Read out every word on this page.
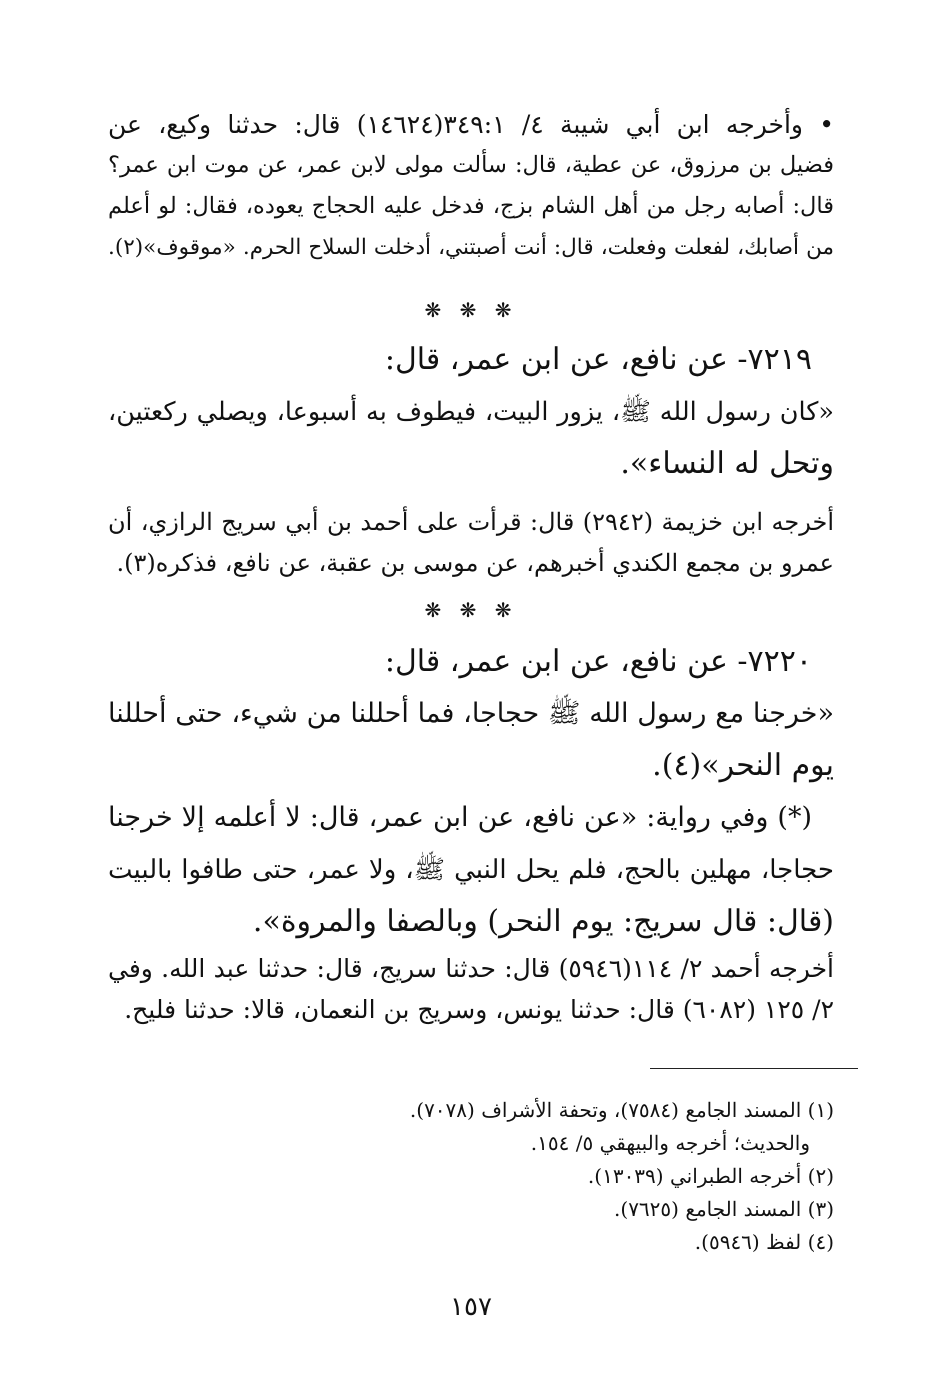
• وأخرجه ابن أبي شيبة ٤/ ٣٤٩:١(١٤٦٢٤) قال: حدثنا وكيع، عن
فضيل بن مرزوق، عن عطية، قال: سألت مولى لابن عمر، عن موت ابن عمر؟
قال: أصابه رجل من أهل الشام بزج، فدخل عليه الحجاج يعوده، فقال: لو أعلم
من أصابك، لفعلت وفعلت، قال: أنت أصبتني، أدخلت السلاح الحرم. «موقوف»(٢).
❋ ❋ ❋
٧٢١٩- عن نافع، عن ابن عمر، قال:
«كان رسول الله ﷺ، يزور البيت، فيطوف به أسبوعا، ويصلي ركعتين،
وتحل له النساء».
أخرجه ابن خزيمة (٢٩٤٢) قال: قرأت على أحمد بن أبي سريج الرازي، أن
عمرو بن مجمع الكندي أخبرهم، عن موسى بن عقبة، عن نافع، فذكره(٣).
❋ ❋ ❋
٧٢٢٠- عن نافع، عن ابن عمر، قال:
«خرجنا مع رسول الله ﷺ حجاجا، فما أحللنا من شيء، حتى أحللنا
يوم النحر»(٤).
(*) وفي رواية: «عن نافع، عن ابن عمر، قال: لا أعلمه إلا خرجنا
حجاجا، مهلين بالحج، فلم يحل النبي ﷺ، ولا عمر، حتى طافوا بالبيت
(قال: قال سريج: يوم النحر) وبالصفا والمروة».
أخرجه أحمد ٢/ ١١٤(٥٩٤٦) قال: حدثنا سريج، قال: حدثنا عبد الله. وفي
٢/ ١٢٥ (٦٠٨٢) قال: حدثنا يونس، وسريج بن النعمان، قالا: حدثنا فليح.
(١) المسند الجامع (٧٥٨٤)، وتحفة الأشراف (٧٠٧٨).
والحديث؛ أخرجه والبيهقي ٥/ ١٥٤.
(٢) أخرجه الطبراني (١٣٠٣٩).
(٣) المسند الجامع (٧٦٢٥).
(٤) لفظ (٥٩٤٦).
١٥٧
